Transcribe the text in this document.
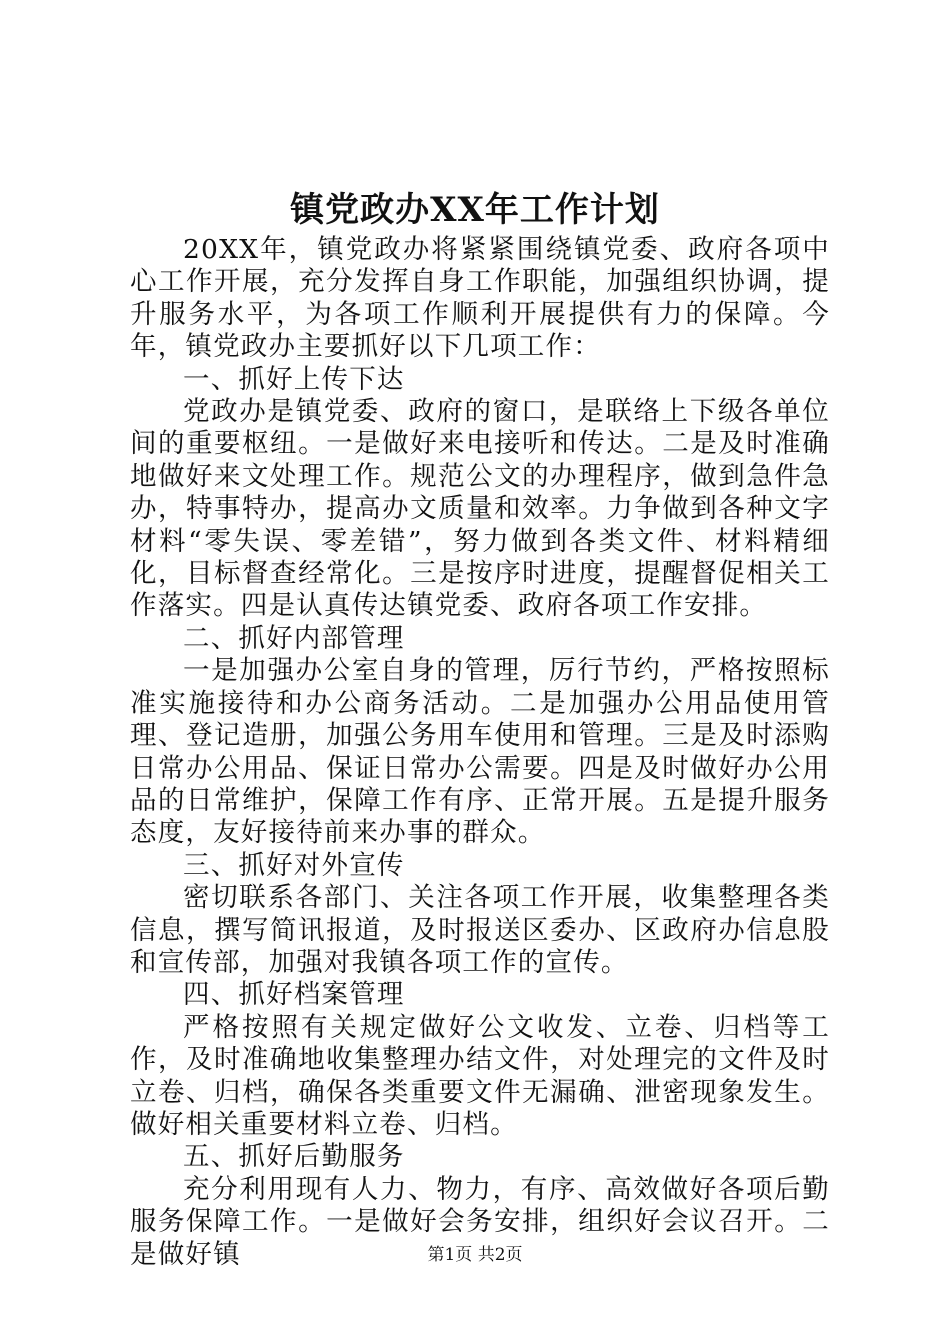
镇党政办XX年工作计划

20XX年，镇党政办将紧紧围绕镇党委、政府各项中心工作开展，充分发挥自身工作职能，加强组织协调，提升服务水平，为各项工作顺利开展提供有力的保障。今年，镇党政办主要抓好以下几项工作：

一、抓好上传下达

党政办是镇党委、政府的窗口，是联络上下级各单位间的重要枢纽。一是做好来电接听和传达。二是及时准确地做好来文处理工作。规范公文的办理程序，做到急件急办，特事特办，提高办文质量和效率。力争做到各种文字材料“零失误、零差错”，努力做到各类文件、材料精细化，目标督查经常化。三是按序时进度，提醒督促相关工作落实。四是认真传达镇党委、政府各项工作安排。

二、抓好内部管理

一是加强办公室自身的管理，厉行节约，严格按照标准实施接待和办公商务活动。二是加强办公用品使用管理、登记造册，加强公务用车使用和管理。三是及时添购日常办公用品、保证日常办公需要。四是及时做好办公用品的日常维护，保障工作有序、正常开展。五是提升服务态度，友好接待前来办事的群众。

三、抓好对外宣传

密切联系各部门、关注各项工作开展，收集整理各类信息，撰写简讯报道，及时报送区委办、区政府办信息股和宣传部，加强对我镇各项工作的宣传。

四、抓好档案管理

严格按照有关规定做好公文收发、立卷、归档等工作，及时准确地收集整理办结文件，对处理完的文件及时立卷、归档，确保各类重要文件无漏确、泄密现象发生。做好相关重要材料立卷、归档。

五、抓好后勤服务

充分利用现有人力、物力，有序、高效做好各项后勤服务保障工作。一是做好会务安排，组织好会议召开。二是做好镇	第1页 共2页
